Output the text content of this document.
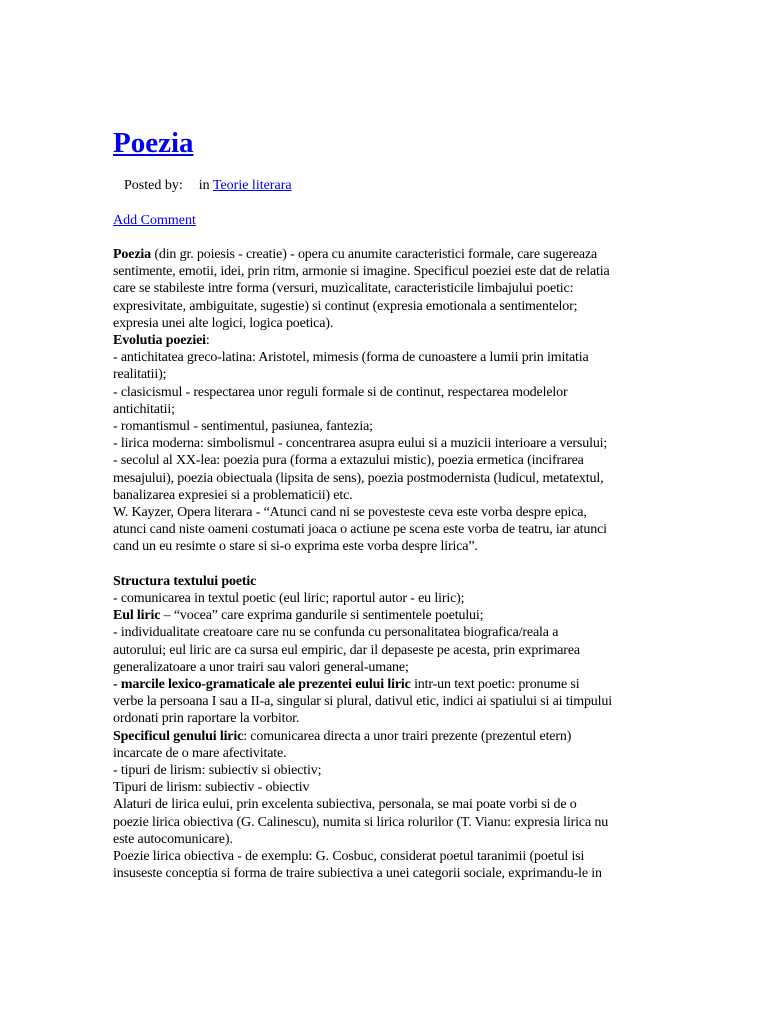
Poezia
Posted by: in Teorie literara
Add Comment
Poezia (din gr. poiesis - creatie) - opera cu anumite caracteristici formale, care sugereaza
sentimente, emotii, idei, prin ritm, armonie si imagine. Specificul poeziei este dat de relatia
care se stabileste intre forma (versuri, muzicalitate, caracteristicile limbajului poetic:
expresivitate, ambiguitate, sugestie) si continut (expresia emotionala a sentimentelor;
expresia unei alte logici, logica poetica).
Evolutia poeziei:
- antichitatea greco-latina: Aristotel, mimesis (forma de cunoastere a lumii prin imitatia
realitatii);
- clasicismul - respectarea unor reguli formale si de continut, respectarea modelelor
antichitatii;
- romantismul - sentimentul, pasiunea, fantezia;
- lirica moderna: simbolismul - concentrarea asupra eului si a muzicii interioare a versului;
- secolul al XX-lea: poezia pura (forma a extazului mistic), poezia ermetica (incifrarea
mesajului), poezia obiectuala (lipsita de sens), poezia postmodernista (ludicul, metatextul,
banalizarea expresiei si a problematicii) etc.
W. Kayzer, Opera literara - “Atunci cand ni se povesteste ceva este vorba despre epica,
atunci cand niste oameni costumati joaca o actiune pe scena este vorba de teatru, iar atunci
cand un eu resimte o stare si si-o exprima este vorba despre lirica”.
Structura textului poetic
- comunicarea in textul poetic (eul liric; raportul autor - eu liric);
Eul liric – “vocea” care exprima gandurile si sentimentele poetului;
- individualitate creatoare care nu se confunda cu personalitatea biografica/reala a
autorului; eul liric are ca sursa eul empiric, dar il depaseste pe acesta, prin exprimarea
generalizatoare a unor trairi sau valori general-umane;
- marcile lexico-gramaticale ale prezentei eului liric intr-un text poetic: pronume si
verbe la persoana I sau a II-a, singular si plural, dativul etic, indici ai spatiului si ai timpului
ordonati prin raportare la vorbitor.
Specificul genului liric: comunicarea directa a unor trairi prezente (prezentul etern)
incarcate de o mare afectivitate.
- tipuri de lirism: subiectiv si obiectiv;
Tipuri de lirism: subiectiv - obiectiv
Alaturi de lirica eului, prin excelenta subiectiva, personala, se mai poate vorbi si de o
poezie lirica obiectiva (G. Calinescu), numita si lirica rolurilor (T. Vianu: expresia lirica nu
este autocomunicare).
Poezie lirica obiectiva - de exemplu: G. Cosbuc, considerat poetul taranimii (poetul isi
insuseste conceptia si forma de traire subiectiva a unei categorii sociale, exprimandu-le in
